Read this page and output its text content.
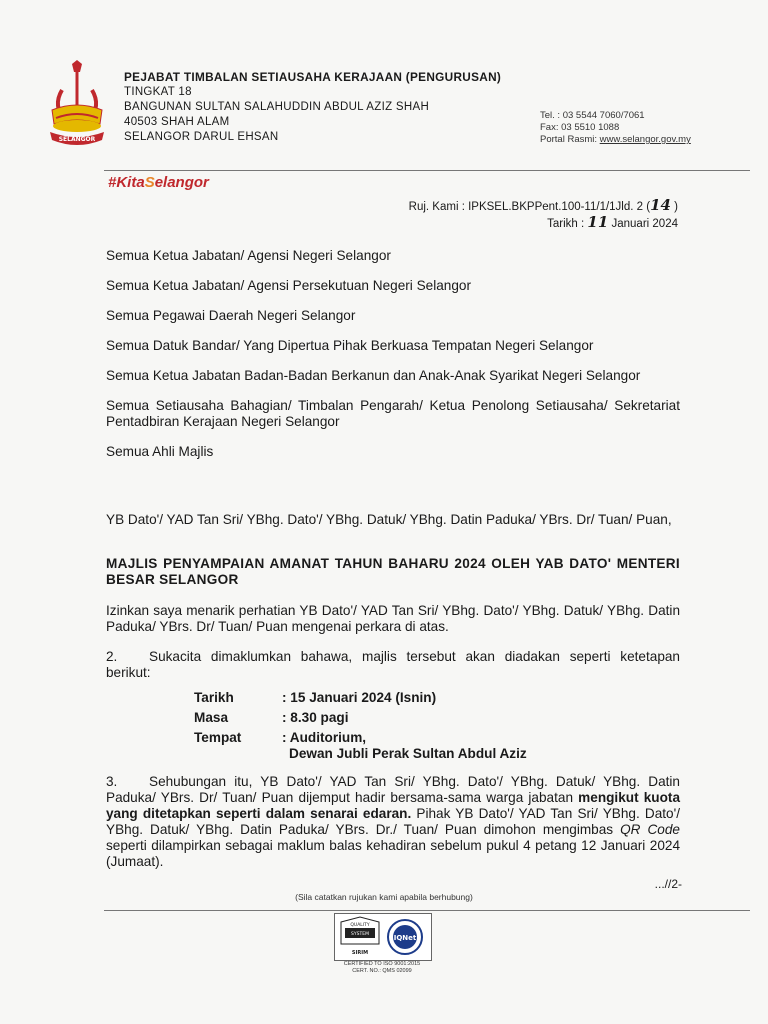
SELANGOR
PEJABAT TIMBALAN SETIAUSAHA KERAJAAN (PENGURUSAN)
TINGKAT 18
BANGUNAN SULTAN SALAHUDDIN ABDUL AZIZ SHAH
40503 SHAH ALAM
SELANGOR DARUL EHSAN
Tel. : 03 5544 7060/7061
Fax: 03 5510 1088
Portal Rasmi: www.selangor.gov.my
#KitaSelangor
Ruj. Kami : IPKSEL.BKPPent.100-11/1/1Jld. 2 (14 )
Tarikh : 11 Januari 2024

Semua Ketua Jabatan/ Agensi Negeri Selangor

Semua Ketua Jabatan/ Agensi Persekutuan Negeri Selangor

Semua Pegawai Daerah Negeri Selangor

Semua Datuk Bandar/ Yang Dipertua Pihak Berkuasa Tempatan Negeri Selangor

Semua Ketua Jabatan Badan-Badan Berkanun dan Anak-Anak Syarikat Negeri Selangor

Semua Setiausaha Bahagian/ Timbalan Pengarah/ Ketua Penolong Setiausaha/ Sekretariat Pentadbiran Kerajaan Negeri Selangor

Semua Ahli Majlis

YB Dato'/ YAD Tan Sri/ YBhg. Dato'/ YBhg. Datuk/ YBhg. Datin Paduka/ YBrs. Dr/ Tuan/ Puan,
MAJLIS PENYAMPAIAN AMANAT TAHUN BAHARU 2024 OLEH YAB DATO' MENTERI BESAR SELANGOR
Izinkan saya menarik perhatian YB Dato'/ YAD Tan Sri/ YBhg. Dato'/ YBhg. Datuk/ YBhg. Datin Paduka/ YBrs. Dr/ Tuan/ Puan mengenai perkara di atas.
2. Sukacita dimaklumkan bahawa, majlis tersebut akan diadakan seperti ketetapan berikut:
Tarikh	: 15 Januari 2024 (Isnin)
Masa	: 8.30 pagi
Tempat	: Auditorium,
Dewan Jubli Perak Sultan Abdul Aziz
3. Sehubungan itu, YB Dato'/ YAD Tan Sri/ YBhg. Dato'/ YBhg. Datuk/ YBhg. Datin Paduka/ YBrs. Dr/ Tuan/ Puan dijemput hadir bersama-sama warga jabatan mengikut kuota yang ditetapkan seperti dalam senarai edaran. Pihak YB Dato'/ YAD Tan Sri/ YBhg. Dato'/ YBhg. Datuk/ YBhg. Datin Paduka/ YBrs. Dr./ Tuan/ Puan dimohon mengimbas QR Code seperti dilampirkan sebagai maklum balas kehadiran sebelum pukul 4 petang 12 Januari 2024 (Jumaat).
...//2-
(Sila catatkan rujukan kami apabila berhubung)
QUALITY
SYSTEM
SIRIM
IQNet
CERTIFIED TO ISO 9001:2015
CERT. NO.: QMS 02099
